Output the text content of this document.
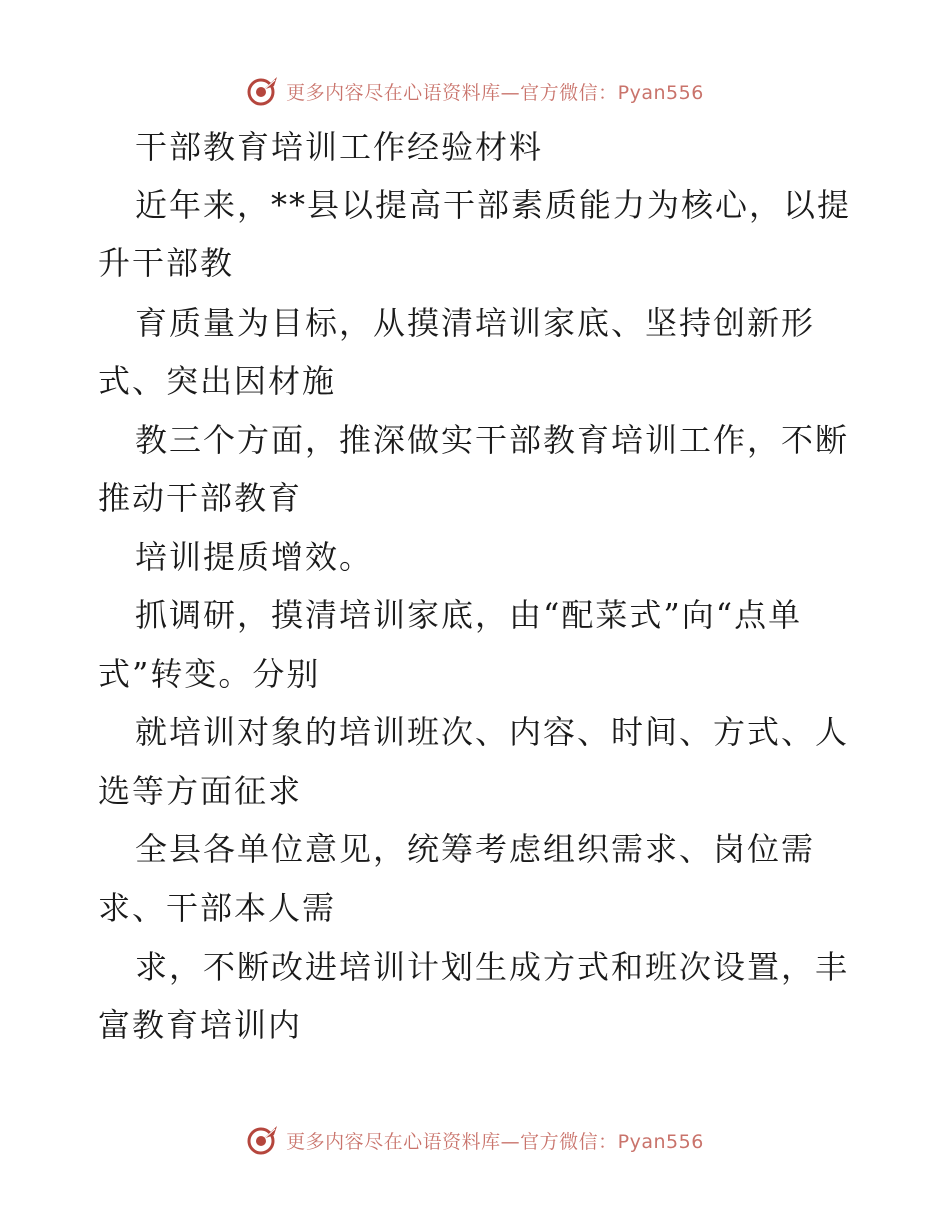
更多内容尽在心语资料库—官方微信：Pyan556
干部教育培训工作经验材料
近年来，**县以提高干部素质能力为核心，以提
升干部教
育质量为目标，从摸清培训家底、坚持创新形
式、突出因材施
教三个方面，推深做实干部教育培训工作，不断
推动干部教育
培训提质增效。
抓调研，摸清培训家底，由“配菜式”向“点单
式”转变。分别
就培训对象的培训班次、内容、时间、方式、人
选等方面征求
全县各单位意见，统筹考虑组织需求、岗位需
求、干部本人需
求，不断改进培训计划生成方式和班次设置，丰
富教育培训内
更多内容尽在心语资料库—官方微信：Pyan556
